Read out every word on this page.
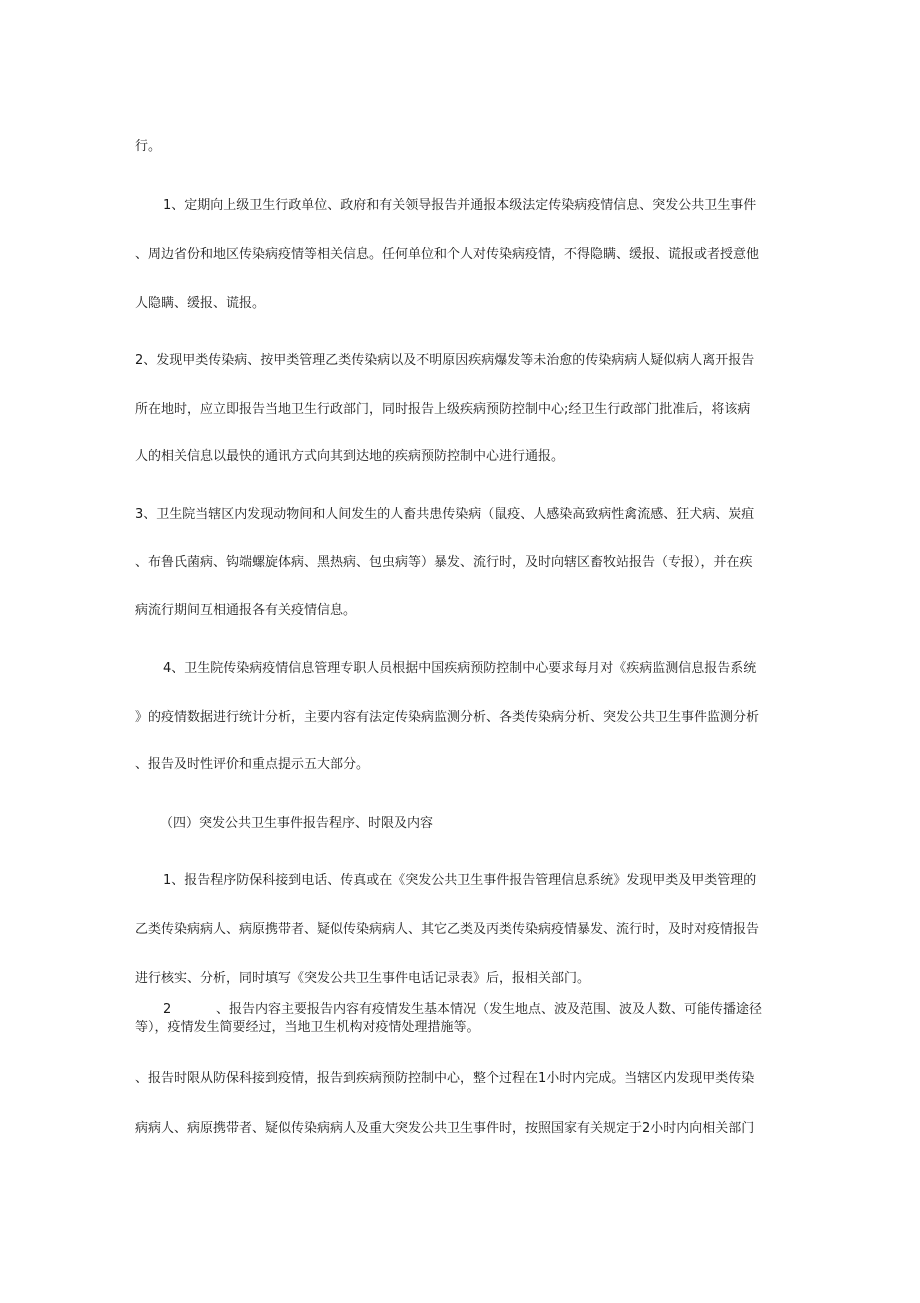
行。
1、定期向上级卫生行政单位、政府和有关领导报告并通报本级法定传染病疫情信息、突发公共卫生事件
、周边省份和地区传染病疫情等相关信息。任何单位和个人对传染病疫情，不得隐瞒、缓报、谎报或者授意他
人隐瞒、缓报、谎报。
2、发现甲类传染病、按甲类管理乙类传染病以及不明原因疾病爆发等未治愈的传染病病人疑似病人离开报告
所在地时，应立即报告当地卫生行政部门，同时报告上级疾病预防控制中心;经卫生行政部门批准后，将该病
人的相关信息以最快的通讯方式向其到达地的疾病预防控制中心进行通报。
3、卫生院当辖区内发现动物间和人间发生的人畜共患传染病（鼠疫、人感染高致病性禽流感、狂犬病、炭疽
、布鲁氏菌病、钩端螺旋体病、黑热病、包虫病等）暴发、流行时，及时向辖区畜牧站报告（专报），并在疾
病流行期间互相通报各有关疫情信息。
4、卫生院传染病疫情信息管理专职人员根据中国疾病预防控制中心要求每月对《疾病监测信息报告系统
》的疫情数据进行统计分析，主要内容有法定传染病监测分析、各类传染病分析、突发公共卫生事件监测分析
、报告及时性评价和重点提示五大部分。
（四）突发公共卫生事件报告程序、时限及内容
1、报告程序防保科接到电话、传真或在《突发公共卫生事件报告管理信息系统》发现甲类及甲类管理的
乙类传染病病人、病原携带者、疑似传染病病人、其它乙类及丙类传染病疫情暴发、流行时，及时对疫情报告
进行核实、分析，同时填写《突发公共卫生事件电话记录表》后，报相关部门。
2	、报告内容主要报告内容有疫情发生基本情况（发生地点、波及范围、波及人数、可能传播途径
等），疫情发生简要经过，当地卫生机构对疫情处理措施等。
、报告时限从防保科接到疫情，报告到疾病预防控制中心，整个过程在1小时内完成。当辖区内发现甲类传染
病病人、病原携带者、疑似传染病病人及重大突发公共卫生事件时，按照国家有关规定于2小时内向相关部门
